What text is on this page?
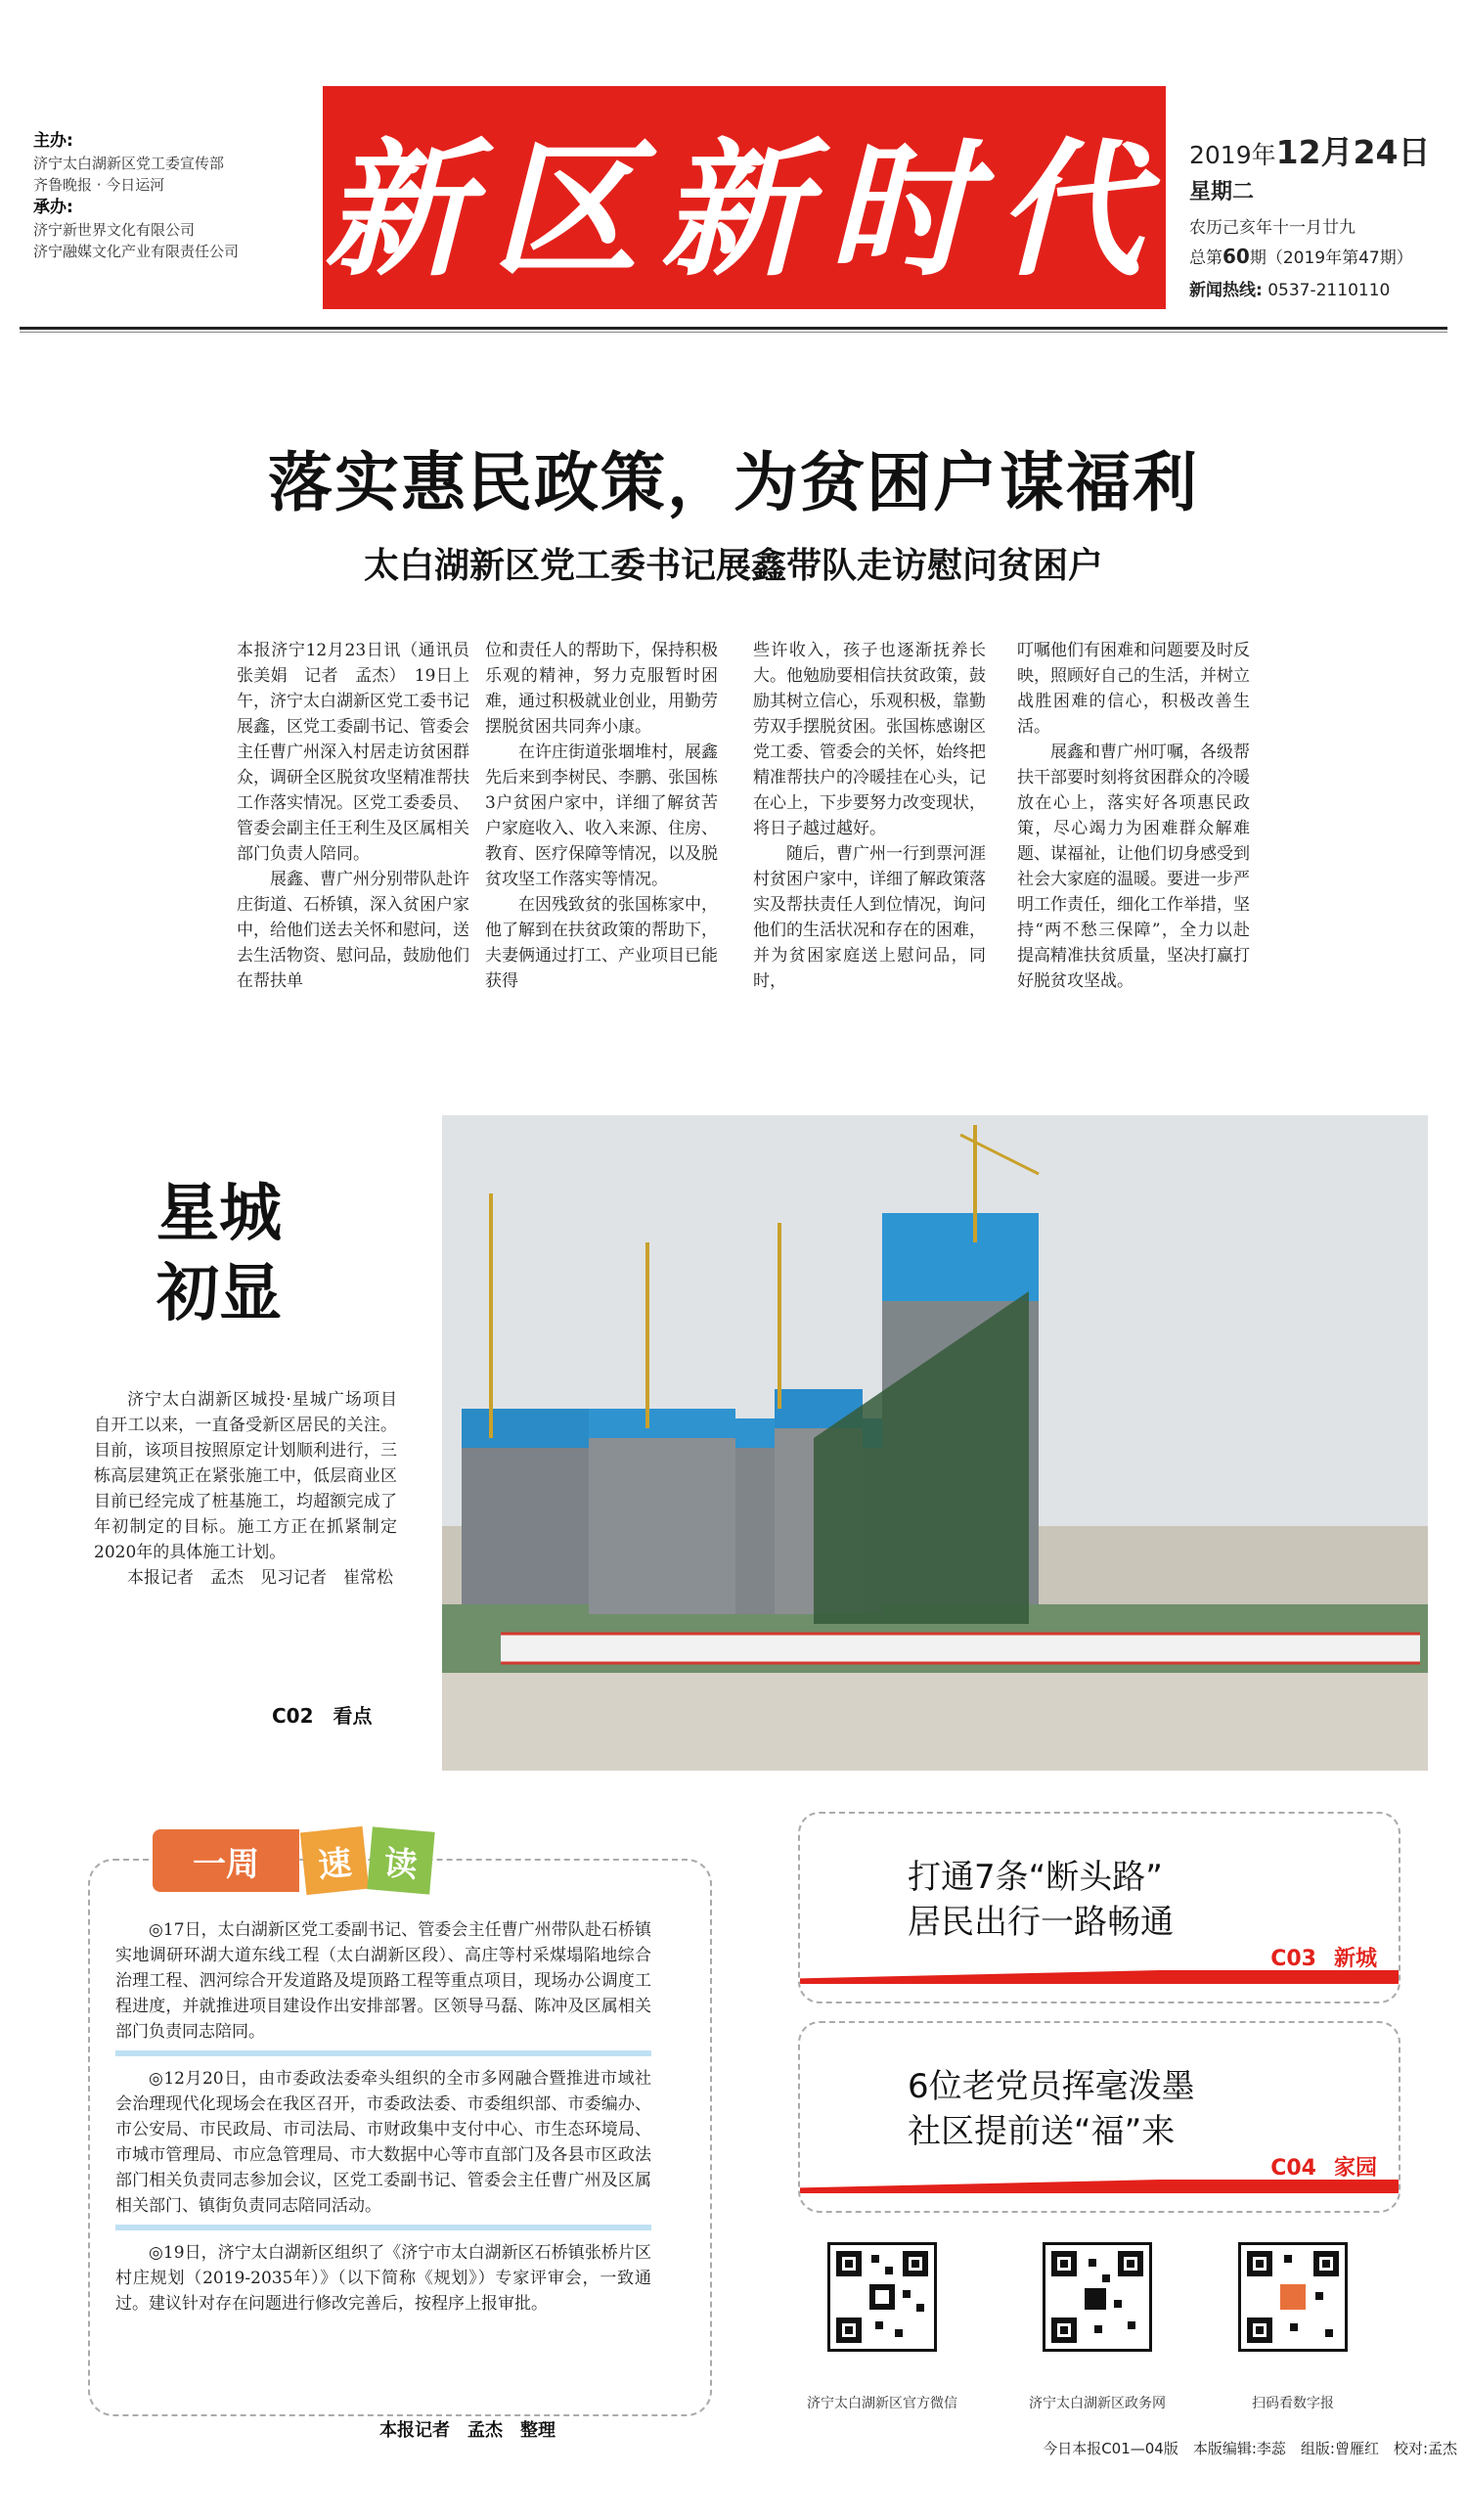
主办:
济宁太白湖新区党工委宣传部
齐鲁晚报 · 今日运河
承办:
济宁新世界文化有限公司
济宁融媒文化产业有限责任公司 新区新时代 2019年12月24日
星期二
农历己亥年十一月廿九
总第60期（2019年第47期）
新闻热线: 0537-2110110
落实惠民政策，为贫困户谋福利
太白湖新区党工委书记展鑫带队走访慰问贫困户

本报济宁12月23日讯（通讯员　张美娟　记者　孟杰）　19日上午，济宁太白湖新区党工委书记展鑫，区党工委副书记、管委会主任曹广州深入村居走访贫困群众，调研全区脱贫攻坚精准帮扶工作落实情况。区党工委委员、管委会副主任王利生及区属相关部门负责人陪同。

展鑫、曹广州分别带队赴许庄街道、石桥镇，深入贫困户家中，给他们送去关怀和慰问，送去生活物资、慰问品，鼓励他们在帮扶单

位和责任人的帮助下，保持积极乐观的精神，努力克服暂时困难，通过积极就业创业，用勤劳摆脱贫困共同奔小康。

在许庄街道张堌堆村，展鑫先后来到李树民、李鹏、张国栋3户贫困户家中，详细了解贫苦户家庭收入、收入来源、住房、教育、医疗保障等情况，以及脱贫攻坚工作落实等情况。

在因残致贫的张国栋家中，他了解到在扶贫政策的帮助下，夫妻俩通过打工、产业项目已能获得

些许收入，孩子也逐渐抚养长大。他勉励要相信扶贫政策，鼓励其树立信心，乐观积极，靠勤劳双手摆脱贫困。张国栋感谢区党工委、管委会的关怀，始终把精准帮扶户的冷暖挂在心头，记在心上，下步要努力改变现状，将日子越过越好。

随后，曹广州一行到票河涯村贫困户家中，详细了解政策落实及帮扶责任人到位情况，询问他们的生活状况和存在的困难，并为贫困家庭送上慰问品，同时，

叮嘱他们有困难和问题要及时反映，照顾好自己的生活，并树立战胜困难的信心，积极改善生活。

展鑫和曹广州叮嘱，各级帮扶干部要时刻将贫困群众的冷暖放在心上，落实好各项惠民政策，尽心竭力为困难群众解难题、谋福祉，让他们切身感受到社会大家庭的温暖。要进一步严明工作责任，细化工作举措，坚持“两不愁三保障”，全力以赴提高精准扶贫质量，坚决打赢打好脱贫攻坚战。

星城
初显

济宁太白湖新区城投·星城广场项目自开工以来，一直备受新区居民的关注。目前，该项目按照原定计划顺利进行，三栋高层建筑正在紧张施工中，低层商业区目前已经完成了桩基施工，均超额完成了年初制定的目标。施工方正在抓紧制定2020年的具体施工计划。

本报记者　孟杰　见习记者　崔常松
C02　看点
一周	速 读

◎17日，太白湖新区党工委副书记、管委会主任曹广州带队赴石桥镇实地调研环湖大道东线工程（太白湖新区段）、高庄等村采煤塌陷地综合治理工程、泗河综合开发道路及堤顶路工程等重点项目，现场办公调度工程进度，并就推进项目建设作出安排部署。区领导马磊、陈冲及区属相关部门负责同志陪同。

◎12月20日，由市委政法委牵头组织的全市多网融合暨推进市域社会治理现代化现场会在我区召开，市委政法委、市委组织部、市委编办、市公安局、市民政局、市司法局、市财政集中支付中心、市生态环境局、市城市管理局、市应急管理局、市大数据中心等市直部门及各县市区政法部门相关负责同志参加会议，区党工委副书记、管委会主任曹广州及区属相关部门、镇街负责同志陪同活动。

◎19日，济宁太白湖新区组织了《济宁市太白湖新区石桥镇张桥片区村庄规划（2019-2035年）》（以下简称《规划》）专家评审会，一致通过。建议针对存在问题进行修改完善后，按程序上报审批。

本报记者　孟杰　整理
打通7条“断头路”
居民出行一路畅通
C03 新城
6位老党员挥毫泼墨
社区提前送“福”来
C04 家园
济宁太白湖新区官方微信	济宁太白湖新区政务网	扫码看数字报
今日本报C01—04版　本版编辑:李蕊　组版:曾雁红　校对:孟杰
